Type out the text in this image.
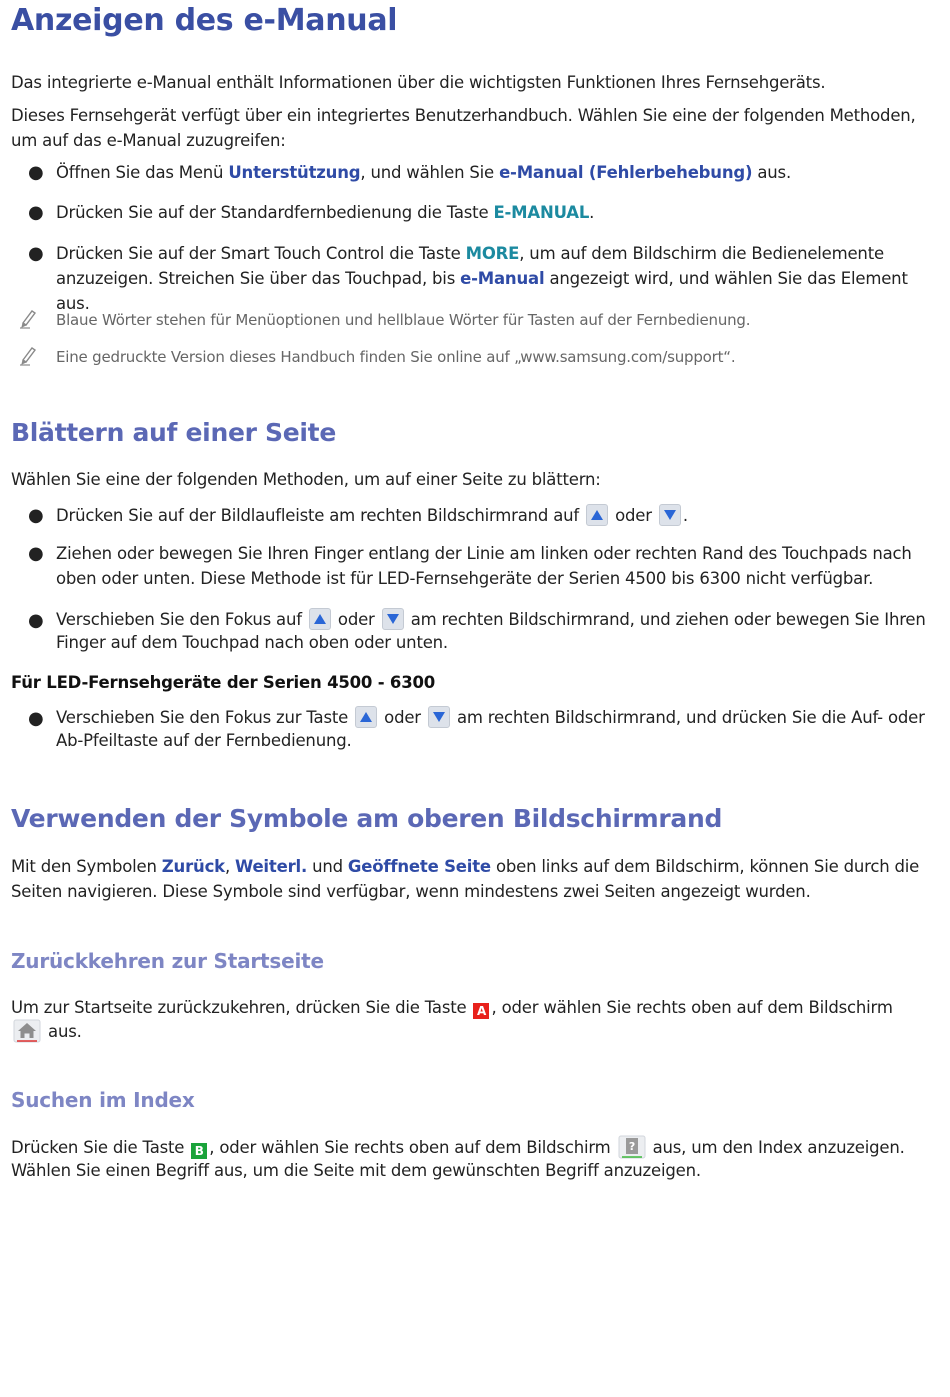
Anzeigen des e-Manual
Das integrierte e-Manual enthält Informationen über die wichtigsten Funktionen Ihres Fernsehgeräts.
Dieses Fernsehgerät verfügt über ein integriertes Benutzerhandbuch. Wählen Sie eine der folgenden Methoden, um auf das e-Manual zuzugreifen:
● Öffnen Sie das Menü Unterstützung, und wählen Sie e-Manual (Fehlerbehebung) aus.
● Drücken Sie auf der Standardfernbedienung die Taste E-MANUAL.
● Drücken Sie auf der Smart Touch Control die Taste MORE, um auf dem Bildschirm die Bedienelemente anzuzeigen. Streichen Sie über das Touchpad, bis e-Manual angezeigt wird, und wählen Sie das Element aus.
Blaue Wörter stehen für Menüoptionen und hellblaue Wörter für Tasten auf der Fernbedienung.
Eine gedruckte Version dieses Handbuch finden Sie online auf „www.samsung.com/support“.
Blättern auf einer Seite
Wählen Sie eine der folgenden Methoden, um auf einer Seite zu blättern:
● Drücken Sie auf der Bildlaufleiste am rechten Bildschirmrand auf
oder
.
● Ziehen oder bewegen Sie Ihren Finger entlang der Linie am linken oder rechten Rand des Touchpads nach oben oder unten. Diese Methode ist für LED-Fernsehgeräte der Serien 4500 bis 6300 nicht verfügbar.
● Verschieben Sie den Fokus auf
oder
am rechten Bildschirmrand, und ziehen oder bewegen Sie Ihren Finger auf dem Touchpad nach oben oder unten.
Für LED-Fernsehgeräte der Serien 4500 - 6300
● Verschieben Sie den Fokus zur Taste
oder
am rechten Bildschirmrand, und drücken Sie die Auf- oder Ab-Pfeiltaste auf der Fernbedienung.
Verwenden der Symbole am oberen Bildschirmrand
Mit den Symbolen Zurück, Weiterl. und Geöffnete Seite oben links auf dem Bildschirm, können Sie durch die Seiten navigieren. Diese Symbole sind verfügbar, wenn mindestens zwei Seiten angezeigt wurden.
Zurückkehren zur Startseite
Um zur Startseite zurückzukehren, drücken Sie die Taste A , oder wählen Sie rechts oben auf dem Bildschirm  aus.
Suchen im Index
Drücken Sie die Taste B , oder wählen Sie rechts oben auf dem Bildschirm ? aus, um den Index anzuzeigen. Wählen Sie einen Begriff aus, um die Seite mit dem gewünschten Begriff anzuzeigen.
